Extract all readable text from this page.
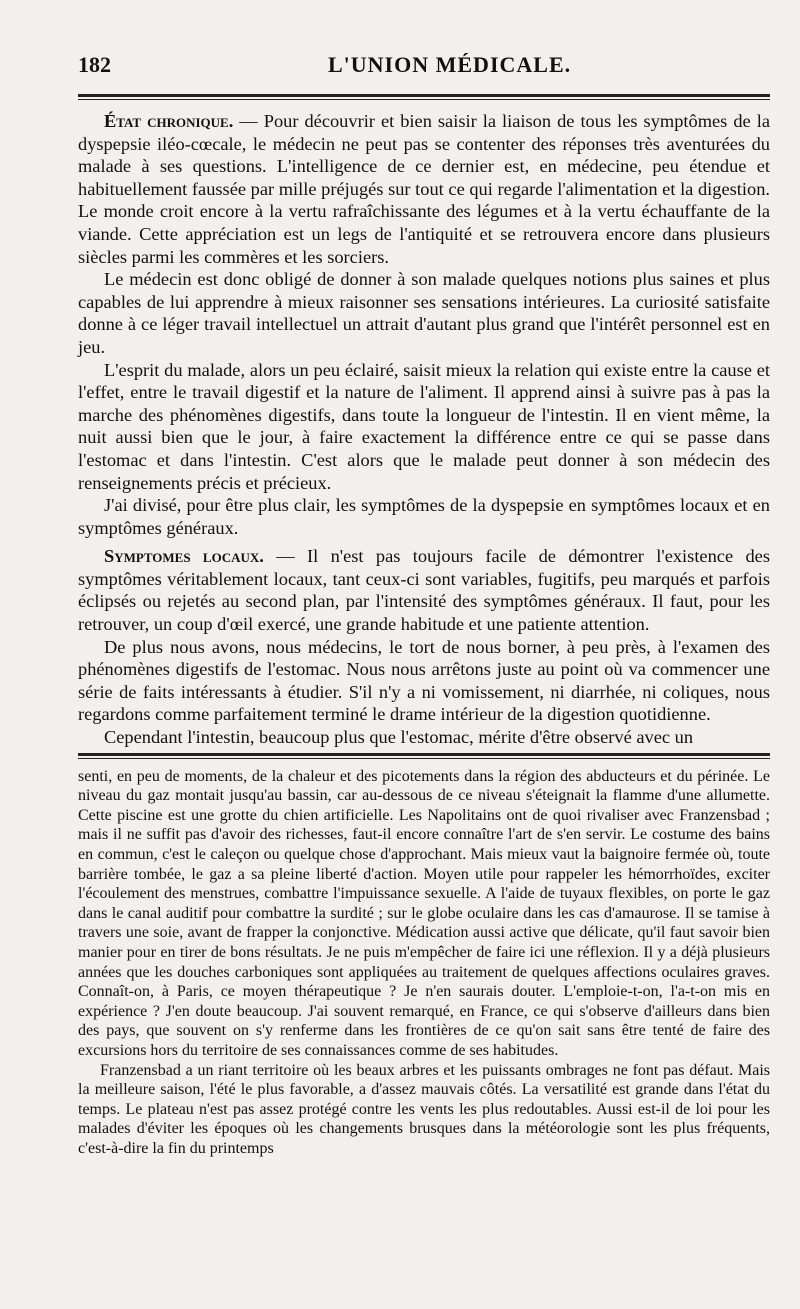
182	L'UNION MÉDICALE.

État chronique. — Pour découvrir et bien saisir la liaison de tous les symptômes de la dyspepsie iléo-cœcale, le médecin ne peut pas se contenter des réponses très aventurées du malade à ses questions. L'intelligence de ce dernier est, en médecine, peu étendue et habituellement faussée par mille préjugés sur tout ce qui regarde l'alimentation et la digestion. Le monde croit encore à la vertu rafraîchissante des légumes et à la vertu échauffante de la viande. Cette appréciation est un legs de l'antiquité et se retrouvera encore dans plusieurs siècles parmi les commères et les sorciers.

Le médecin est donc obligé de donner à son malade quelques notions plus saines et plus capables de lui apprendre à mieux raisonner ses sensations intérieures. La curiosité satisfaite donne à ce léger travail intellectuel un attrait d'autant plus grand que l'intérêt personnel est en jeu.

L'esprit du malade, alors un peu éclairé, saisit mieux la relation qui existe entre la cause et l'effet, entre le travail digestif et la nature de l'aliment. Il apprend ainsi à suivre pas à pas la marche des phénomènes digestifs, dans toute la longueur de l'intestin. Il en vient même, la nuit aussi bien que le jour, à faire exactement la différence entre ce qui se passe dans l'estomac et dans l'intestin. C'est alors que le malade peut donner à son médecin des renseignements précis et précieux.

J'ai divisé, pour être plus clair, les symptômes de la dyspepsie en symptômes locaux et en symptômes généraux.

Symptomes locaux. — Il n'est pas toujours facile de démontrer l'existence des symptômes véritablement locaux, tant ceux-ci sont variables, fugitifs, peu marqués et parfois éclipsés ou rejetés au second plan, par l'intensité des symptômes généraux. Il faut, pour les retrouver, un coup d'œil exercé, une grande habitude et une patiente attention.

De plus nous avons, nous médecins, le tort de nous borner, à peu près, à l'examen des phénomènes digestifs de l'estomac. Nous nous arrêtons juste au point où va commencer une série de faits intéressants à étudier. S'il n'y a ni vomissement, ni diarrhée, ni coliques, nous regardons comme parfaitement terminé le drame intérieur de la digestion quotidienne.

Cependant l'intestin, beaucoup plus que l'estomac, mérite d'être observé avec un

senti, en peu de moments, de la chaleur et des picotements dans la région des abducteurs et du périnée. Le niveau du gaz montait jusqu'au bassin, car au-dessous de ce niveau s'éteignait la flamme d'une allumette. Cette piscine est une grotte du chien artificielle. Les Napolitains ont de quoi rivaliser avec Franzensbad ; mais il ne suffit pas d'avoir des richesses, faut-il encore connaître l'art de s'en servir. Le costume des bains en commun, c'est le caleçon ou quelque chose d'approchant. Mais mieux vaut la baignoire fermée où, toute barrière tombée, le gaz a sa pleine liberté d'action. Moyen utile pour rappeler les hémorrhoïdes, exciter l'écoulement des menstrues, combattre l'impuissance sexuelle. A l'aide de tuyaux flexibles, on porte le gaz dans le canal auditif pour combattre la surdité ; sur le globe oculaire dans les cas d'amaurose. Il se tamise à travers une soie, avant de frapper la conjonctive. Médication aussi active que délicate, qu'il faut savoir bien manier pour en tirer de bons résultats. Je ne puis m'empêcher de faire ici une réflexion. Il y a déjà plusieurs années que les douches carboniques sont appliquées au traitement de quelques affections oculaires graves. Connaît-on, à Paris, ce moyen thérapeutique ? Je n'en saurais douter. L'emploie-t-on, l'a-t-on mis en expérience ? J'en doute beaucoup. J'ai souvent remarqué, en France, ce qui s'observe d'ailleurs dans bien des pays, que souvent on s'y renferme dans les frontières de ce qu'on sait sans être tenté de faire des excursions hors du territoire de ses connaissances comme de ses habitudes.

Franzensbad a un riant territoire où les beaux arbres et les puissants ombrages ne font pas défaut. Mais la meilleure saison, l'été le plus favorable, a d'assez mauvais côtés. La versatilité est grande dans l'état du temps. Le plateau n'est pas assez protégé contre les vents les plus redoutables. Aussi est-il de loi pour les malades d'éviter les époques où les changements brusques dans la météorologie sont les plus fréquents, c'est-à-dire la fin du printemps
